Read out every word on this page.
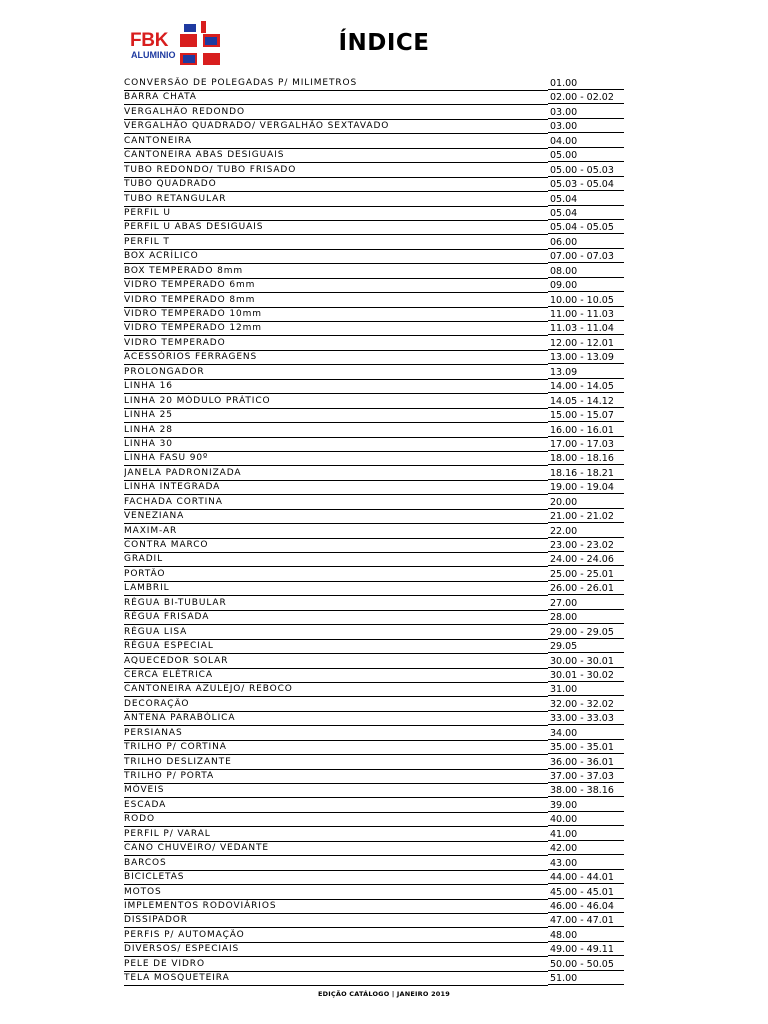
FBK
ALUMINIO	ÍNDICE
CONVERSÃO DE POLEGADAS P/ MILIMETROS	01.00
BARRA CHATA	02.00 - 02.02
VERGALHÃO REDONDO	03.00
VERGALHÃO QUADRADO/ VERGALHÃO SEXTAVADO	03.00
CANTONEIRA	04.00
CANTONEIRA ABAS DESIGUAIS	05.00
TUBO REDONDO/ TUBO FRISADO	05.00 - 05.03
TUBO QUADRADO	05.03 - 05.04
TUBO RETANGULAR	05.04
PERFIL U	05.04
PERFIL U ABAS DESIGUAIS	05.04 - 05.05
PERFIL T	06.00
BOX ACRÍLICO	07.00 - 07.03
BOX TEMPERADO 8mm	08.00
VIDRO TEMPERADO 6mm	09.00
VIDRO TEMPERADO 8mm	10.00 - 10.05
VIDRO TEMPERADO 10mm	11.00 - 11.03
VIDRO TEMPERADO 12mm	11.03 - 11.04
VIDRO TEMPERADO	12.00 - 12.01
ACESSÓRIOS FERRAGENS	13.00 - 13.09
PROLONGADOR	13.09
LINHA 16	14.00 - 14.05
LINHA 20 MÓDULO PRÁTICO	14.05 - 14.12
LINHA 25	15.00 - 15.07
LINHA 28	16.00 - 16.01
LINHA 30	17.00 - 17.03
LINHA FASU 90º	18.00 - 18.16
JANELA PADRONIZADA	18.16 - 18.21
LINHA INTEGRADA	19.00 - 19.04
FACHADA CORTINA	20.00
VENEZIANA	21.00 - 21.02
MAXIM-AR	22.00
CONTRA MARCO	23.00 - 23.02
GRADIL	24.00 - 24.06
PORTÃO	25.00 - 25.01
LAMBRIL	26.00 - 26.01
RÉGUA BI-TUBULAR	27.00
RÉGUA FRISADA	28.00
RÉGUA LISA	29.00 - 29.05
RÉGUA ESPECIAL	29.05
AQUECEDOR SOLAR	30.00 - 30.01
CERCA ELÉTRICA	30.01 - 30.02
CANTONEIRA AZULEJO/ REBOCO	31.00
DECORAÇÃO	32.00 - 32.02
ANTENA PARABÓLICA	33.00 - 33.03
PERSIANAS	34.00
TRILHO P/ CORTINA	35.00 - 35.01
TRILHO DESLIZANTE	36.00 - 36.01
TRILHO P/ PORTA	37.00 - 37.03
MÓVEIS	38.00 - 38.16
ESCADA	39.00
RODO	40.00
PERFIL P/ VARAL	41.00
CANO CHUVEIRO/ VEDANTE	42.00
BARCOS	43.00
BICICLETAS	44.00 - 44.01
MOTOS	45.00 - 45.01
IMPLEMENTOS RODOVIÁRIOS	46.00 - 46.04
DISSIPADOR	47.00 - 47.01
PERFIS P/ AUTOMAÇÃO	48.00
DIVERSOS/ ESPECIAIS	49.00 - 49.11
PELE DE VIDRO	50.00 - 50.05
TELA MOSQUETEIRA	51.00
EDIÇÃO CATÁLOGO | JANEIRO 2019
